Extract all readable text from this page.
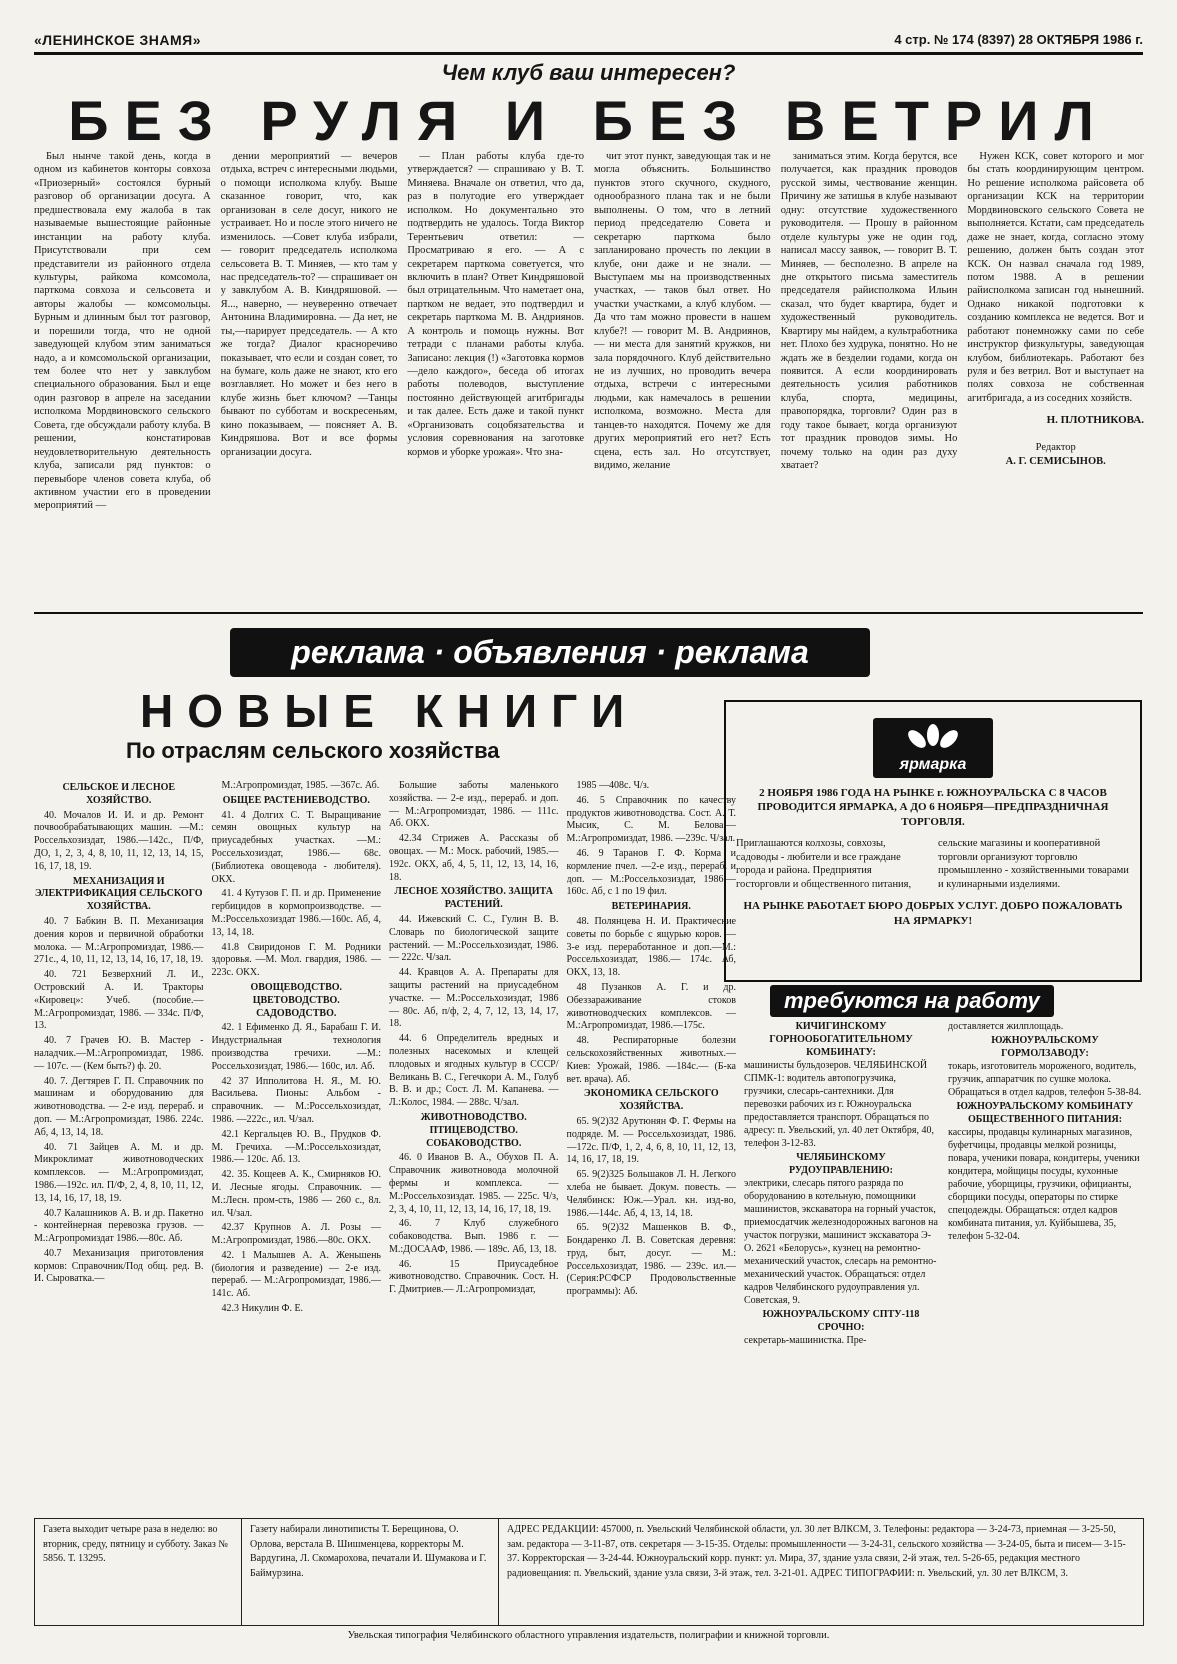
«ЛЕНИНСКОЕ ЗНАМЯ»	4 стр. № 174 (8397) 28 ОКТЯБРЯ 1986 г.
Чем клуб ваш интересен?
БЕЗ РУЛЯ И БЕЗ ВЕТРИЛ

Был нынче такой день, когда в одном из кабинетов конторы совхоза «Приозерный» состоялся бурный разговор об организации досуга. А предшествовала ему жалоба в так называемые вышестоящие районные инстанции на работу клуба. Присутствовали при сем представители из районного отдела культуры, райкома комсомола, парткома совхоза и сельсовета и авторы жалобы — комсомольцы. Бурным и длинным был тот разговор, и порешили тогда, что не одной заведующей клубом этим заниматься надо, а и комсомольской организации, тем более что нет у завклубом специального образования. Был и еще один разговор в апреле на заседании исполкома Мордвиновского сельского Совета, где обсуждали работу клуба. В решении, констатировав неудовлетворительную деятельность клуба, записали ряд пунктов: о перевыборе членов совета клуба, об активном участии его в проведении мероприятий —

дении мероприятий — вечеров отдыха, встреч с интересными людьми, о помощи исполкома клубу. Выше сказанное говорит, что, как организован в селе досуг, никого не устраивает. Но и после этого ничего не изменилось. —Совет клуба избрали, — говорит председатель исполкома сельсовета В. Т. Миняев, — кто там у нас председатель-то? — спрашивает он у завклубом А. В. Киндряшовой. — Я..., наверно, — неуверенно отвечает Антонина Владимировна. — Да нет, не ты,—парирует председатель. — А кто же тогда? Диалог красноречиво показывает, что если и создан совет, то на бумаге, коль даже не знают, кто его возглавляет. Но может и без него в клубе жизнь бьет ключом? —Танцы бывают по субботам и воскресеньям, кино показываем, — поясняет А. В. Киндряшова. Вот и все формы организации досуга.

— План работы клуба где-то утверждается? — спрашиваю у В. Т. Миняева. Вначале он ответил, что да, раз в полугодие его утверждает исполком. Но документально это подтвердить не удалось. Тогда Виктор Терентьевич ответил: — Просматриваю я его. — А с секретарем парткома советуется, что включить в план? Ответ Киндряшовой был отрицательным. Что наметает она, партком не ведает, это подтвердил и секретарь парткома М. В. Андриянов. А контроль и помощь нужны. Вот тетради с планами работы клуба. Записано: лекция (!) «Заготовка кормов—дело каждого», беседа об итогах работы полеводов, выступление постоянно действующей агитбригады и так далее. Есть даже и такой пункт «Организовать соцобязательства и условия соревнования на заготовке кормов и уборке урожая». Что зна-

чит этот пункт, заведующая так и не могла объяснить. Большинство пунктов этого скучного, скудного, однообразного плана так и не были выполнены. О том, что в летний период председателю Совета и секретарю парткома было запланировано прочесть по лекции в клубе, они даже и не знали. — Выступаем мы на производственных участках, — таков был ответ. Но участки участками, а клуб клубом. —Да что там можно провести в нашем клубе?! — говорит М. В. Андриянов, — ни места для занятий кружков, ни зала порядочного. Клуб действительно не из лучших, но проводить вечера отдыха, встречи с интересными людьми, как намечалось в решении исполкома, возможно. Места для танцев-то находятся. Почему же для других мероприятий его нет? Есть сцена, есть зал. Но отсутствует, видимо, желание

заниматься этим. Когда берутся, все получается, как праздник проводов русской зимы, чествование женщин. Причину же затишья в клубе называют одну: отсутствие художественного руководителя. — Прошу в районном отделе культуры уже не один год, написал массу заявок, — говорит В. Т. Миняев, — бесполезно. В апреле на дне открытого письма заместитель председателя райисполкома Ильин сказал, что будет квартира, будет и художественный руководитель. Квартиру мы найдем, а культработника нет. Плохо без худрука, понятно. Но не ждать же в безделии годами, когда он появится. А если координировать деятельность усилия работников клуба, спорта, медицины, правопорядка, торговли? Один раз в году такое бывает, когда организуют тот праздник проводов зимы. Но почему только на один раз духу хватает?

Нужен КСК, совет которого и мог бы стать координирующим центром. Но решение исполкома райсовета об организации КСК на территории Мордвиновского сельского Совета не выполняется. Кстати, сам председатель даже не знает, когда, согласно этому решению, должен быть создан этот КСК. Он назвал сначала год 1989, потом 1988. А в решении райисполкома записан год нынешний. Однако никакой подготовки к созданию комплекса не ведется. Вот и работают понемножку сами по себе инструктор физкультуры, заведующая клубом, библиотекарь. Работают без руля и без ветрил. Вот и выступает на полях совхоза не собственная агитбригада, а из соседних хозяйств.

Н. ПЛОТНИКОВА.
Редактор
А. Г. СЕМИСЫНОВ.
реклама · объявления · реклама
НОВЫЕ КНИГИ
По отраслям сельского хозяйства
СЕЛЬСКОЕ И ЛЕСНОЕ ХОЗЯЙСТВО.

40. Мочалов И. И. и др. Ремонт почвообрабатывающих машин. —М.: Россельхозиздат, 1986.—142с., П/Ф, ДО, 1, 2, 3, 4, 8, 10, 11, 12, 13, 14, 15, 16, 17, 18, 19.

МЕХАНИЗАЦИЯ И ЭЛЕКТРИФИКАЦИЯ СЕЛЬСКОГО ХОЗЯЙСТВА.

40. 7 Бабкин В. П. Механизация доения коров и первичной обработки молока. — М.:Агропромиздат, 1986.—271с., 4, 10, 11, 12, 13, 14, 16, 17, 18, 19.

40. 721 Безверхний Л. И., Островский А. И. Тракторы «Кировец»: Учеб. (пособие.—М.:Агропромиздат, 1986. — 334с. П/Ф, 13.

40. 7 Грачев Ю. В. Мастер - наладчик.—М.:Агропромиздат, 1986. — 107с. — (Кем быть?) ф. 20.

40. 7. Дегтярев Г. П. Справочник по машинам и оборудованию для животноводства. — 2-е изд. перераб. и доп. — М.:Агропромиздат, 1986. 224с. Аб, 4, 13, 14, 18.

40. 71 Зайцев А. М. и др. Микроклимат животноводческих комплексов. — М.:Агропромиздат, 1986.—192с. ил. П/Ф, 2, 4, 8, 10, 11, 12, 13, 14, 16, 17, 18, 19.

40.7 Калашников А. В. и др. Пакетно - контейнерная перевозка грузов. — М.:Агропромиздат 1986.—80с. Аб.

40.7 Механизация приготовления кормов: Справочник/Под общ. ред. В. И. Сыроватка.—

М.:Агропромиздат, 1985. —367с. Аб.

ОБЩЕЕ РАСТЕНИЕВОДСТВО.

41. 4 Долгих С. Т. Выращивание семян овощных культур на приусадебных участках. —М.: Россельхозиздат, 1986.— 68с. (Библиотека овощевода - любителя). ОКХ.

41. 4 Кутузов Г. П. и др. Применение гербицидов в кормопроизводстве. —М.:Россельхозиздат 1986.—160с. Аб, 4, 13, 14, 18.

41.8 Свиридонов Г. М. Родники здоровья. —М. Мол. гвардия, 1986. — 223с. ОКХ.

ОВОЩЕВОДСТВО. ЦВЕТОВОДСТВО. САДОВОДСТВО.

42. 1 Ефименко Д. Я., Барабаш Г. И. Индустриальная технология производства гречихи. —М.: Россельхозиздат, 1986.— 160с, ил. Аб.

42 37 Ипполитова Н. Я., М. Ю. Васильева. Пионы: Альбом - справочник. — М.:Россельхозиздат, 1986. —222с., ил. Ч/зал.

42.1 Кергальцев Ю. В., Прудков Ф. М. Гречиха. —М.:Россельхозиздат, 1986.— 120с. Аб. 13.

42. 35. Кощеев А. К., Смирняков Ю. И. Лесные ягоды. Справочник. —М.:Лесн. пром-сть, 1986 — 260 с., 8л. ил. Ч/зал.

42.37 Крупнов А. Л. Розы — М.:Агропромиздат, 1986.—80с. ОКХ.

42. 1 Малышев А. А. Женьшень (биология и разведение) — 2-е изд. перераб. — М.:Агропромиздат, 1986.—141с. Аб.

42.3 Никулин Ф. Е.

Большие заботы маленького хозяйства. — 2-е изд., перераб. и доп.— М.:Агропромиздат, 1986. — 111с. Аб. ОКХ.

42.34 Стрижев А. Рассказы об овощах. — М.: Моск. рабочий, 1985.— 192с. ОКХ, аб, 4, 5, 11, 12, 13, 14, 16, 18.

ЛЕСНОЕ ХОЗЯЙСТВО. ЗАЩИТА РАСТЕНИЙ.

44. Ижевский С. С., Гулин В. В. Словарь по биологической защите растений. — М.:Россельхозиздат, 1986. — 222с. Ч/зал.

44. Кравцов А. А. Препараты для защиты растений на приусадебном участке. — М.:Россельхозиздат, 1986 — 80с. Аб, п/ф, 2, 4, 7, 12, 13, 14, 17, 18.

44. 6 Определитель вредных и полезных насекомых и клещей плодовых и ягодных культур в СССР/Великань В. С., Гегечкори А. М., Голуб В. В. и др.; Сост. Л. М. Капанева. — Л.:Колос, 1984. — 288с. Ч/зал.

ЖИВОТНОВОДСТВО. ПТИЦЕВОДСТВО. СОБАКОВОДСТВО.

46. 0 Иванов В. А., Обухов П. А. Справочник животновода молочной фермы и комплекса. — М.:Россельхозиздат. 1985. — 225с. Ч/з, 2, 3, 4, 10, 11, 12, 13, 14, 16, 17, 18, 19.

46. 7 Клуб служебного собаководства. Вып. 1986 г. — М.:ДОСААФ, 1986. — 189с. Аб, 13, 18.

46. 15 Приусадебное животноводство. Справочник. Сост. Н. Г. Дмитриев.— Л.:Агропромиздат,

1985 —408с. Ч/з.

46. 5 Справочник по качеству продуктов животноводства. Сост. А. Т. Мысик, С. М. Белова.— М.:Агропромиздат, 1986. —239с. Ч/зал.

46. 9 Таранов Г. Ф. Корма и кормление пчел. —2-е изд., перераб. и доп. — М.:Россельхозиздат, 1986.—160с. Аб, с 1 по 19 фил.

ВЕТЕРИНАРИЯ.

48. Полянцева Н. И. Практические советы по борьбе с ящурью коров. — 3-е изд. переработанное и доп.—М.: Россельхозиздат, 1986.— 174с. Аб, ОКХ, 13, 18.

48 Пузанков А. Г. и др. Обеззараживание стоков животноводческих комплексов. — М.:Агропромиздат, 1986.—175с.

48. Респираторные болезни сельскохозяйственных животных.— Киев: Урожай, 1986. —184с.— (Б-ка вет. врача). Аб.

ЭКОНОМИКА СЕЛЬСКОГО ХОЗЯЙСТВА.

65. 9(2)32 Арутюнян Ф. Г. Фермы на подряде. М. — Россельхозиздат, 1986.—172с. П/Ф, 1, 2, 4, 6, 8, 10, 11, 12, 13, 14, 16, 17, 18, 19.

65. 9(2)325 Большаков Л. Н. Легкого хлеба не бывает. Докум. повесть. —Челябинск: Юж.—Урал. кн. изд-во, 1986.—144с. Аб, 4, 13, 14, 18.

65. 9(2)32 Машенков В. Ф., Бондаренко Л. В. Советская деревня: труд, быт, досуг. — М.: Россельхозиздат, 1986. — 239с. ил.—(Серия:РСФСР Продовольственные программы): Аб.

ярмарка
2 НОЯБРЯ 1986 ГОДА НА РЫНКЕ г. ЮЖНОУРАЛЬСКА С 8 ЧАСОВ ПРОВОДИТСЯ ЯРМАРКА, А ДО 6 НОЯБРЯ—ПРЕДПРАЗДНИЧНАЯ ТОРГОВЛЯ.
Приглашаются колхозы, совхозы, садоводы - любители и все граждане города и района. Предприятия госторговли и общественного питания,
сельские магазины и кооперативной торговли организуют торговлю промышленно - хозяйственными товарами и кулинарными изделиями.
НА РЫНКЕ РАБОТАЕТ БЮРО ДОБРЫХ УСЛУГ. ДОБРО ПОЖАЛОВАТЬ НА ЯРМАРКУ!
требуются на работу
КИЧИГИНСКОМУ ГОРНООБОГАТИТЕЛЬНОМУ КОМБИНАТУ:

машинисты бульдозеров. ЧЕЛЯБИНСКОЙ СПМК-1: водитель автопогрузчика, грузчики, слесарь-сантехники. Для перевозки рабочих из г. Южноуральска предоставляется транспорт. Обращаться по адресу: п. Увельский, ул. 40 лет Октября, 40, телефон 3-12-83.

ЧЕЛЯБИНСКОМУ РУДОУПРАВЛЕНИЮ:

электрики, слесарь пятого разряда по оборудованию в котельную, помощники машинистов, экскаватора на горный участок, приемосдатчик железнодорожных вагонов на участок погрузки, машинист экскаватора Э-О. 2621 «Белорусь», кузнец на ремонтно-механический участок, слесарь на ремонтно-механический участок. Обращаться: отдел кадров Челябинского рудоуправления ул. Советская, 9.

ЮЖНОУРАЛЬСКОМУ СПТУ-118 СРОЧНО:

секретарь-машинистка. Пре-

доставляется жилплощадь.

ЮЖНОУРАЛЬСКОМУ ГОРМОЛЗАВОДУ:

токарь, изготовитель мороженого, водитель, грузчик, аппаратчик по сушке молока. Обращаться в отдел кадров, телефон 5-38-84.

ЮЖНОУРАЛЬСКОМУ КОМБИНАТУ ОБЩЕСТВЕННОГО ПИТАНИЯ:

кассиры, продавцы кулинарных магазинов, буфетчицы, продавцы мелкой розницы, повара, ученики повара, кондитеры, ученики кондитера, мойщицы посуды, кухонные рабочие, уборщицы, грузчики, официанты, сборщики посуды, операторы по стирке спецодежды. Обращаться: отдел кадров комбината питания, ул. Куйбышева, 35, телефон 5-32-04.

Газета выходит четыре раза в неделю: во вторник, среду, пятницу и субботу. Заказ № 5856. Т. 13295.
Газету набирали линотиписты Т. Берещинова, О. Орлова, верстала В. Шишменцева, корректоры М. Вардугина, Л. Скомарохова, печатали И. Шумакова и Г. Баймурзина.
АДРЕС РЕДАКЦИИ: 457000, п. Увельский Челябинской области, ул. 30 лет ВЛКСМ, 3. Телефоны: редактора — 3-24-73, приемная — 3-25-50, зам. редактора — 3-11-87, отв. секретаря — 3-15-35. Отделы: промышленности — 3-24-31, сельского хозяйства — 3-24-05, быта и писем— 3-15-37. Корректорская — 3-24-44. Южноуральский корр. пункт: ул. Мира, 37, здание узла связи, 2-й этаж, тел. 5-26-65, редакция местного радиовещания: п. Увельский, здание узла связи, 3-й этаж, тел. 3-21-01. АДРЕС ТИПОГРАФИИ: п. Увельский, ул. 30 лет ВЛКСМ, 3.
Увельская типография Челябинского областного управления издательств, полиграфии и книжной торговли.
